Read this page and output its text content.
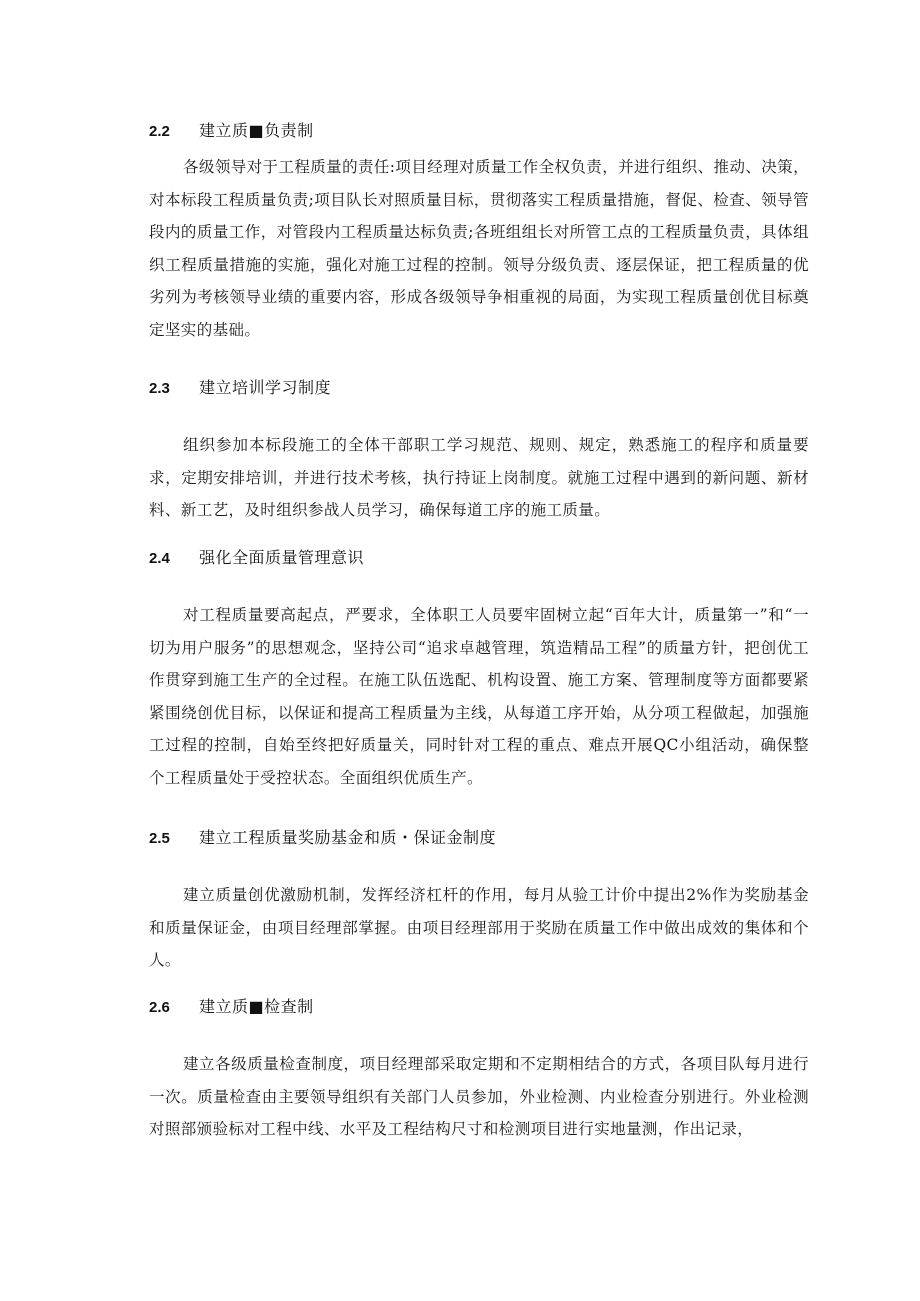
2.2	建立质■负责制

各级领导对于工程质量的责任:项目经理对质量工作全权负责，并进行组织、推动、决策，对本标段工程质量负责;项目队长对照质量目标，贯彻落实工程质量措施，督促、检查、领导管段内的质量工作，对管段内工程质量达标负责;各班组组长对所管工点的工程质量负责，具体组织工程质量措施的实施，强化对施工过程的控制。领导分级负责、逐层保证，把工程质量的优劣列为考核领导业绩的重要内容，形成各级领导争相重视的局面，为实现工程质量创优目标奠定坚实的基础。

2.3	建立培训学习制度

组织参加本标段施工的全体干部职工学习规范、规则、规定，熟悉施工的程序和质量要求，定期安排培训，并进行技术考核，执行持证上岗制度。就施工过程中遇到的新问题、新材料、新工艺，及时组织参战人员学习，确保每道工序的施工质量。

2.4	强化全面质量管理意识

对工程质量要高起点，严要求，全体职工人员要牢固树立起“百年大计，质量第一”和“一切为用户服务”的思想观念，坚持公司“追求卓越管理，筑造精品工程”的质量方针，把创优工作贯穿到施工生产的全过程。在施工队伍选配、机构设置、施工方案、管理制度等方面都要紧紧围绕创优目标，以保证和提高工程质量为主线，从每道工序开始，从分项工程做起，加强施工过程的控制，自始至终把好质量关，同时针对工程的重点、难点开展QC小组活动，确保整个工程质量处于受控状态。全面组织优质生产。

2.5	建立工程质量奖励基金和质・保证金制度

建立质量创优激励机制，发挥经济杠杆的作用，每月从验工计价中提出2%作为奖励基金和质量保证金，由项目经理部掌握。由项目经理部用于奖励在质量工作中做出成效的集体和个人。

2.6	建立质■检查制

建立各级质量检查制度，项目经理部采取定期和不定期相结合的方式，各项目队每月进行一次。质量检查由主要领导组织有关部门人员参加，外业检测、内业检查分别进行。外业检测对照部颁验标对工程中线、水平及工程结构尺寸和检测项目进行实地量测，作出记录，
